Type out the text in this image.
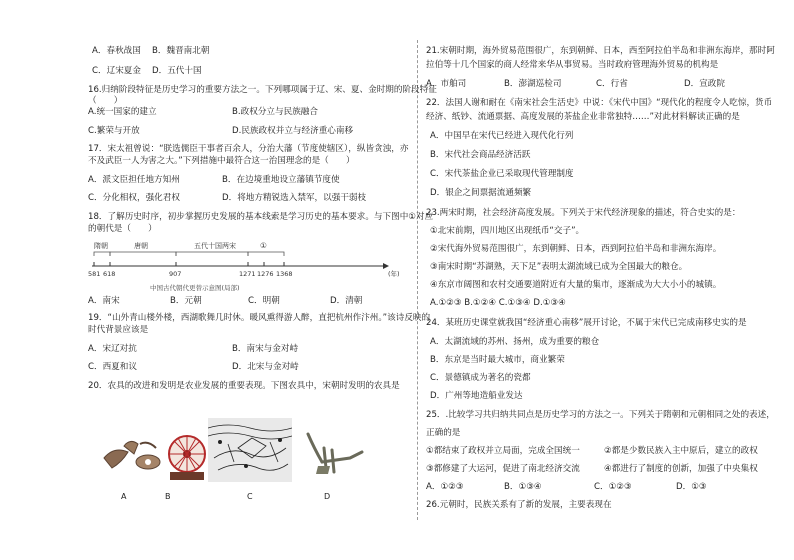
A．春秋战国 B．魏晋南北朝
C．辽宋夏金 D．五代十国
16.归纳阶段特征是历史学习的重要方法之一。下列哪项属于辽、宋、夏、金时期的阶段特征
（　　）
A.统一国家的建立	B.政权分立与民族融合
C.繁荣与开放	D.民族政权并立与经济重心南移
17．宋太祖曾说：“朕选儒臣干事者百余人，分治大藩（节度使辖区），纵皆贪浊，亦
不及武臣一人为害之大。”下列措施中最符合这一治国理念的是（　　）
A．派文臣担任地方知州	B．在边境重地设立藩镇节度使
C．分化相权，强化君权	D．将地方精锐选入禁军，以强干弱枝
18．了解历史时序，初步掌握历史发展的基本线索是学习历史的基本要求。与下图中①对应
的朝代是（　　）
隋朝	唐朝	五代十国两宋	①
581 618	907	1271 1276 1368	(年)
中国古代朝代更替示意图(局部)
A．南宋	B．元朝	C．明朝	D．清朝
19．“山外青山楼外楼，西湖歌舞几时休。暖风熏得游人醉，直把杭州作汴州。”该诗反映的
时代背景应该是
A．宋辽对抗	B．南宋与金对峙
C．西夏和议	D．北宋与金对峙
20．农具的改进和发明是农业发展的重要表现。下图农具中，宋朝时发明的农具是
A	B	C	D
21.宋朝时期，海外贸易范围很广，东到朝鲜、日本，西至阿拉伯半岛和非洲东海岸，那时阿
拉伯等十几个国家的商人经常来华从事贸易。当时政府管理海外贸易的机构是
A．市舶司	B．澎湖巡检司	C．行省	D．宣政院
22．法国人谢和耐在《南宋社会生活史》中说：《宋代中国》“现代化的程度令人吃惊，货币
经济、纸钞、流通票据、高度发展的茶盐企业非常独特……”对此材料解读正确的是
A．中国早在宋代已经进入现代化行列
B．宋代社会商品经济活跃
C．宋代茶盐企业已采取现代管理制度
D．银企之间票据流通频繁
23.两宋时期，社会经济高度发展。下列关于宋代经济现象的描述，符合史实的是：
①北宋前期，四川地区出现纸币“交子”。
②宋代海外贸易范围很广，东到朝鲜、日本，西到阿拉伯半岛和非洲东海岸。
③南宋时期“苏湖熟，天下足”表明太湖流域已成为全国最大的粮仓。
④东京市阔图和农村交通要道附近有大量的集市，逐渐成为大大小小的城镇。
A.①②③ B.①②④ C.①③④ D.①③④
24．某班历史课堂就我国“经济重心南移”展开讨论，不属于宋代已完成南移史实的是
A．太湖流域的苏州、扬州，成为重要的粮仓
B．东京是当时最大城市，商业繁荣
C．景德镇成为著名的瓷都
D．广州等地造船业发达
25．.比较学习共归纳共同点是历史学习的方法之一。下列关于隋朝和元朝相同之处的表述，
正确的是
①都结束了政权并立局面，完成全国统一	②都是少数民族入主中原后，建立的政权
③都修建了大运河，促进了南北经济交流	④都进行了制度的创新，加强了中央集权
A．①②③	B．①③④	C．①②③	D．①③
26.元朝时，民族关系有了新的发展，主要表现在
